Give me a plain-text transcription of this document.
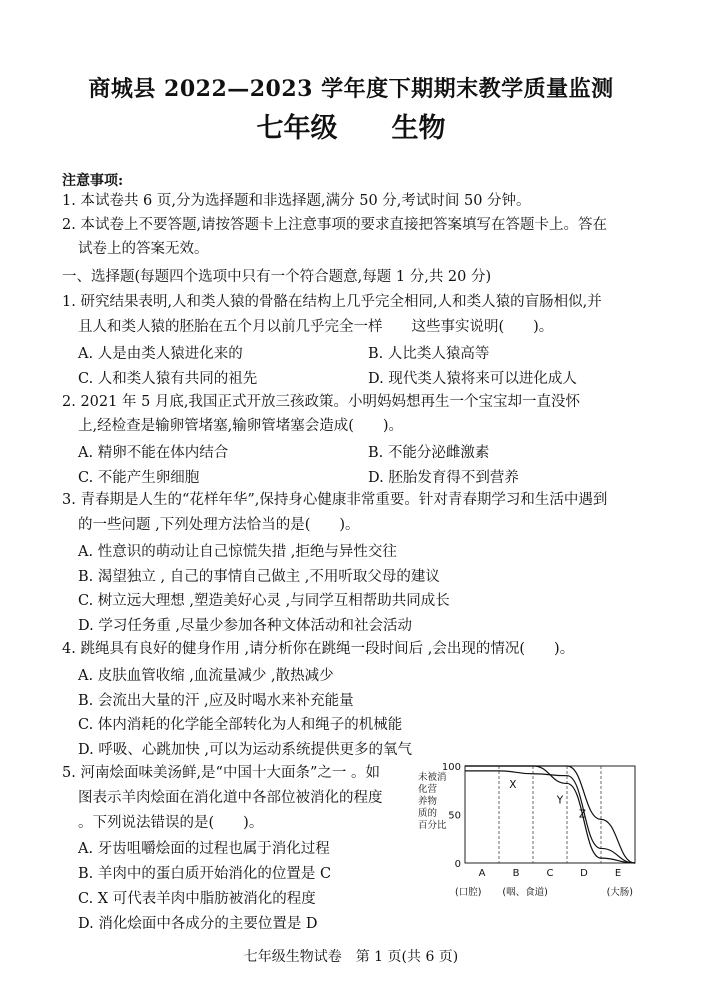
商城县 2022—2023 学年度下期期末教学质量监测
七年级　　生物
注意事项:
1. 本试卷共 6 页,分为选择题和非选择题,满分 50 分,考试时间 50 分钟。
2. 本试卷上不要答题,请按答题卡上注意事项的要求直接把答案填写在答题卡上。答在
试卷上的答案无效。
一、选择题(每题四个选项中只有一个符合题意,每题 1 分,共 20 分)
1. 研究结果表明,人和类人猿的骨骼在结构上几乎完全相同,人和类人猿的盲肠相似,并
且人和类人猿的胚胎在五个月以前几乎完全一样　　这些事实说明(　　)。
A. 人是由类人猿进化来的	B. 人比类人猿高等
C. 人和类人猿有共同的祖先	D. 现代类人猿将来可以进化成人
2. 2021 年 5 月底,我国正式开放三孩政策。小明妈妈想再生一个宝宝却一直没怀
上,经检查是输卵管堵塞,输卵管堵塞会造成(　　)。
A. 精卵不能在体内结合	B. 不能分泌雌激素
C. 不能产生卵细胞	D. 胚胎发育得不到营养
3. 青春期是人生的“花样年华”,保持身心健康非常重要。针对青春期学习和生活中遇到
的一些问题 ,下列处理方法恰当的是(　　)。
A. 性意识的萌动让自己惊慌失措 ,拒绝与异性交往
B. 渴望独立 , 自己的事情自己做主 ,不用听取父母的建议
C. 树立远大理想 ,塑造美好心灵 ,与同学互相帮助共同成长
D. 学习任务重 ,尽量少参加各种文体活动和社会活动
4. 跳绳具有良好的健身作用 ,请分析你在跳绳一段时间后 ,会出现的情况(　　)。
A. 皮肤血管收缩 ,血流量减少 ,散热减少
B. 会流出大量的汗 ,应及时喝水来补充能量
C. 体内消耗的化学能全部转化为人和绳子的机械能
D. 呼吸、心跳加快 ,可以为运动系统提供更多的氧气
5. 河南烩面味美汤鲜,是“中国十大面条”之一 。如
图表示羊肉烩面在消化道中各部位被消化的程度
。下列说法错误的是(　　)。
A. 牙齿咀嚼烩面的过程也属于消化过程
B. 羊肉中的蛋白质开始消化的位置是 C
C. X 可代表羊肉中脂肪被消化的程度
D. 消化烩面中各成分的主要位置是 D
100
50
0
未被消
化营
养物
质的
百分比
A	B	C	D	E
(口腔) (咽、食道)	(大肠)
X
Y
Z
七年级生物试卷　第 1 页(共 6 页)
